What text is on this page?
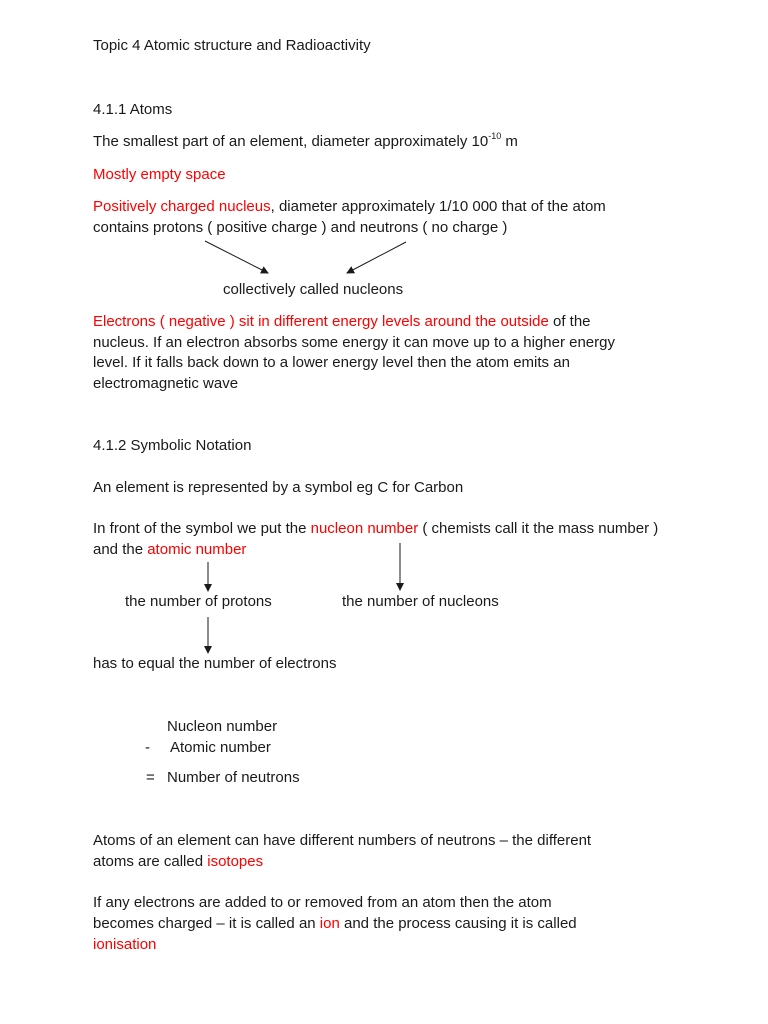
Topic 4 Atomic structure and Radioactivity

4.1.1 Atoms

The smallest part of an element, diameter approximately $10^{-10}$ m

Mostly empty space

Positively charged nucleus, diameter approximately 1/10 000 that of the atom

contains protons ( positive charge ) and neutrons ( no charge )

collectively called nucleons

Electrons ( negative ) sit in different energy levels around the outside of the

nucleus. If an electron absorbs some energy it can move up to a higher energy

level. If it falls back down to a lower energy level then the atom emits an

electromagnetic wave

4.1.2 Symbolic Notation

An element is represented by a symbol eg C for Carbon

In front of the symbol we put the nucleon number ( chemists call it the mass number )

and the atomic number

the number of protons	the number of nucleons

has to equal the number of electrons

Nucleon number

- Atomic number

= Number of neutrons

Atoms of an element can have different numbers of neutrons – the different

atoms are called isotopes

If any electrons are added to or removed from an atom then the atom

becomes charged – it is called an ion and the process causing it is called

ionisation
